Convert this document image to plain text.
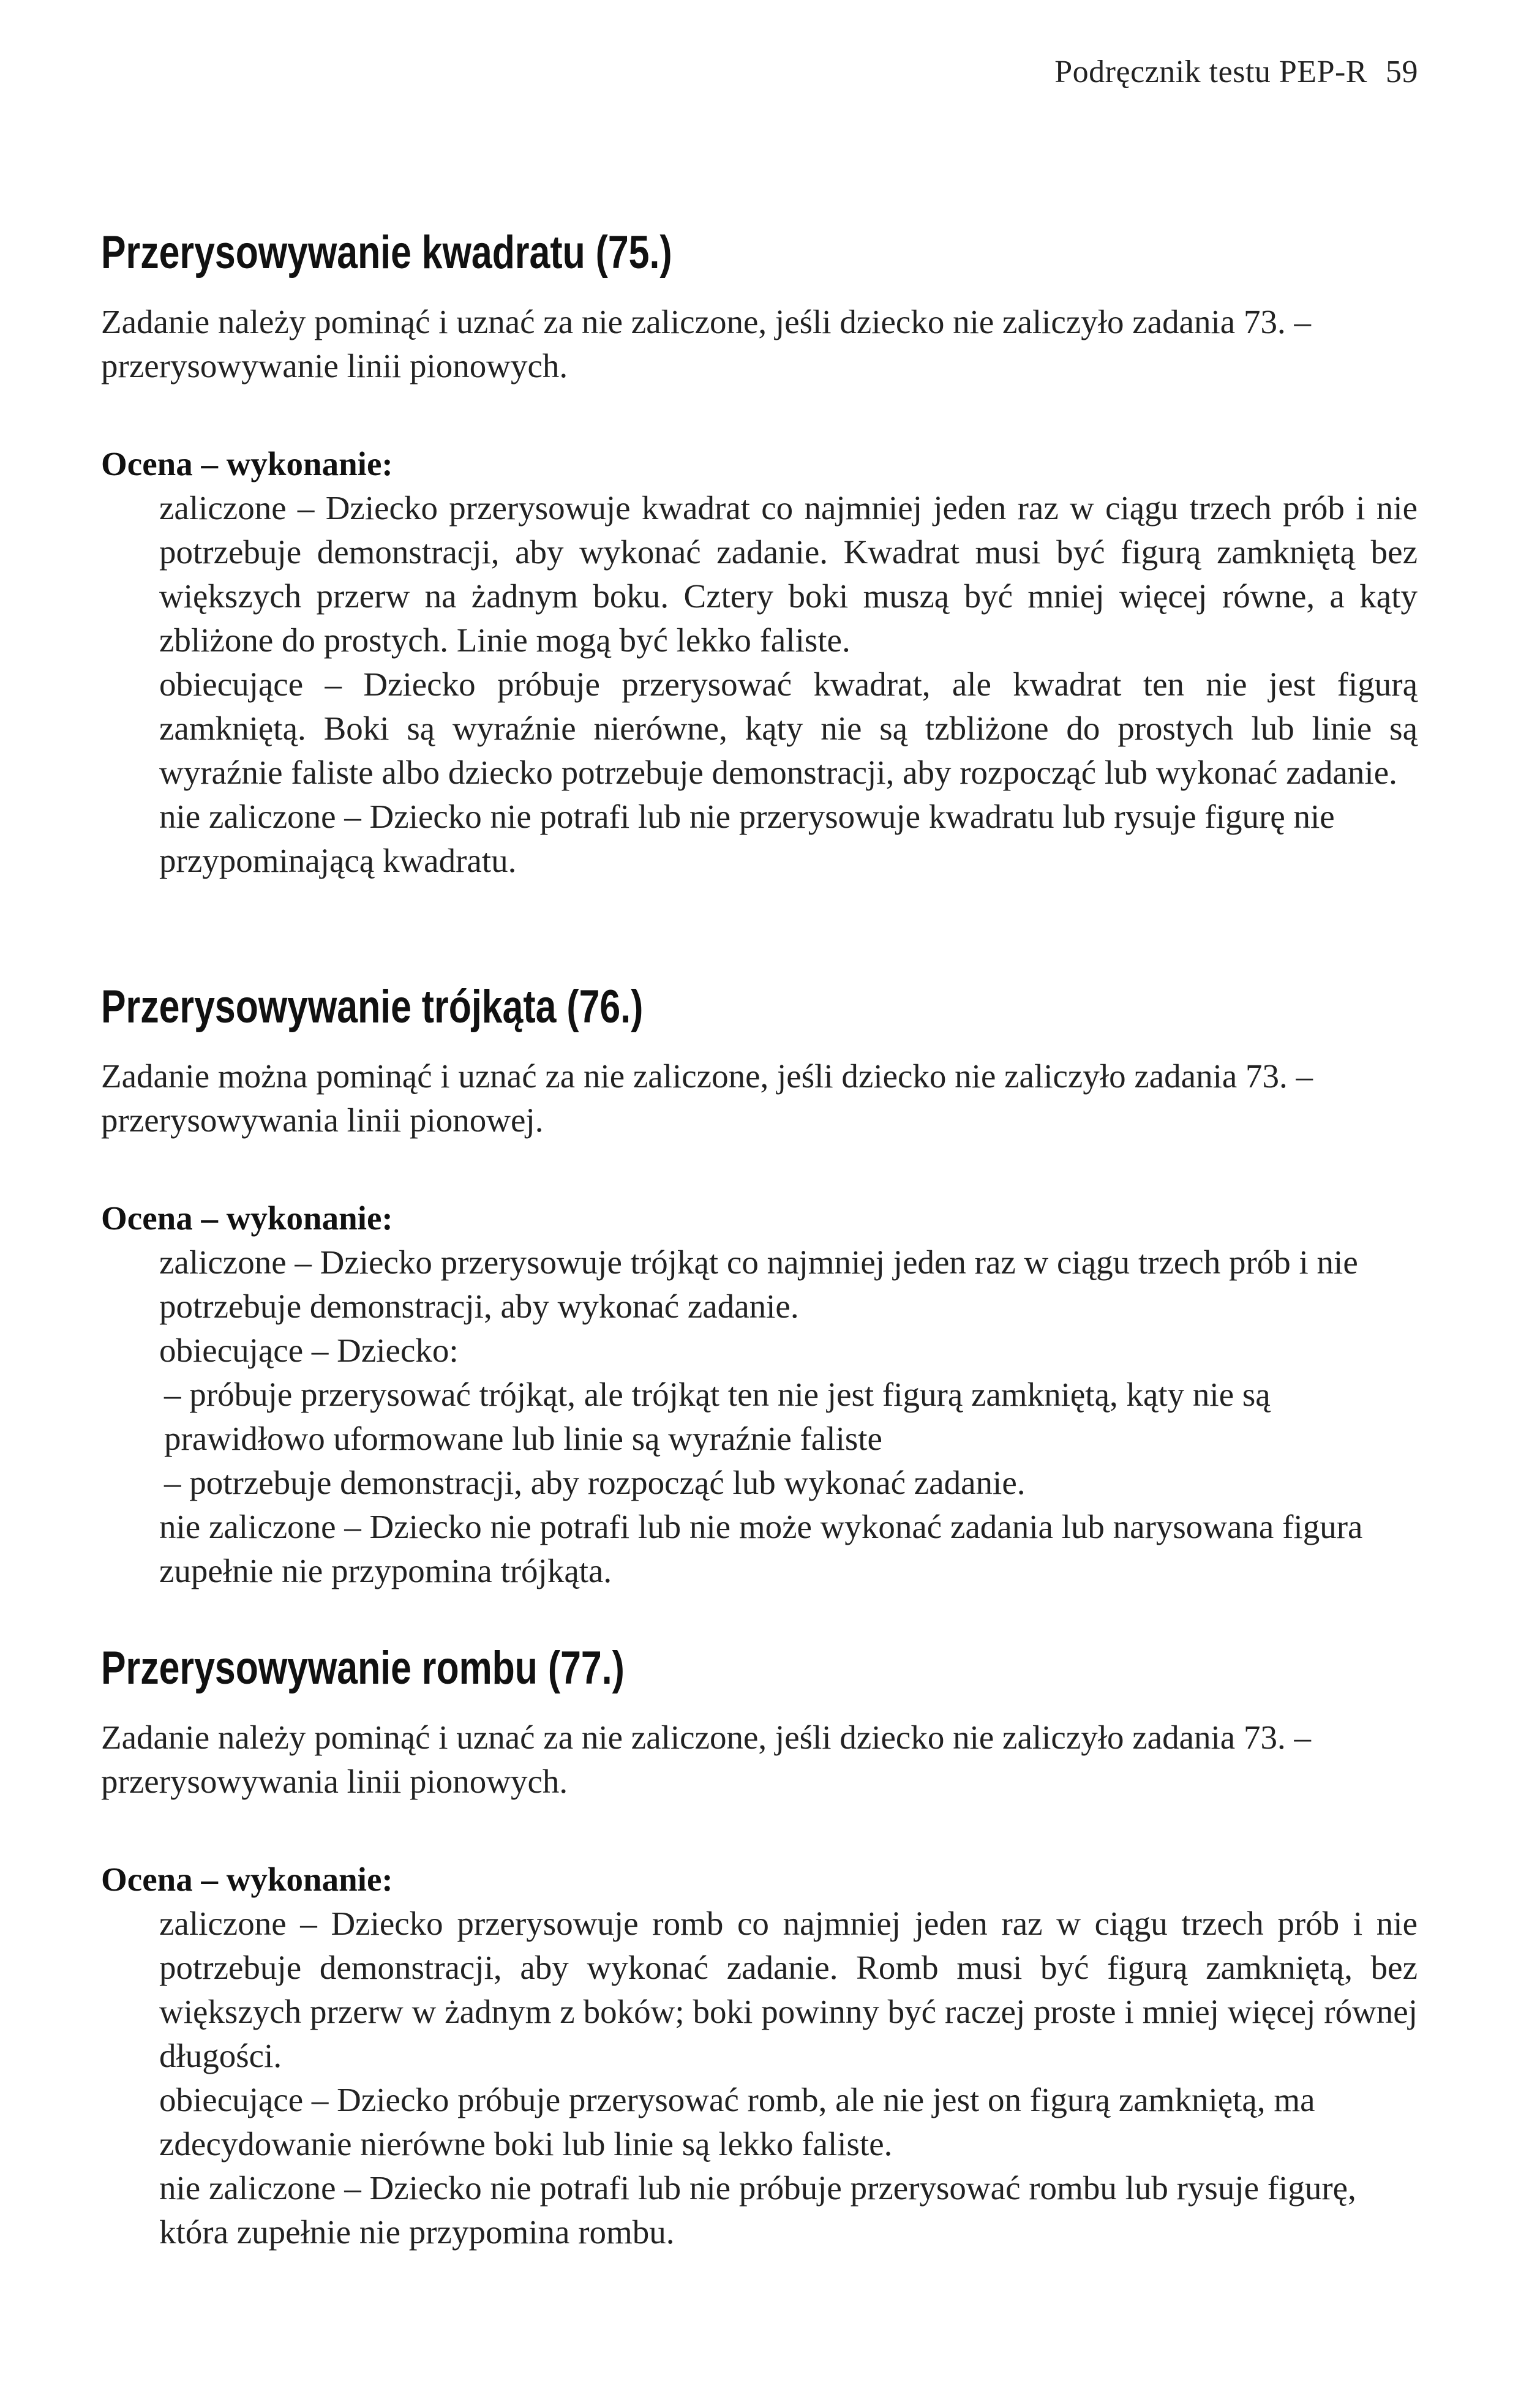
Podręcznik testu PEP-R 59
Przerysowywanie kwadratu (75.)

Zadanie należy pominąć i uznać za nie zaliczone, jeśli dziecko nie zaliczyło zadania 73. – przerysowywanie linii pionowych.

Ocena – wykonanie:

zaliczone – Dziecko przerysowuje kwadrat co najmniej jeden raz w ciągu trzech prób i nie potrzebuje demonstracji, aby wykonać zadanie. Kwadrat musi być figurą zamkniętą bez większych przerw na żadnym boku. Cztery boki muszą być mniej więcej równe, a kąty zbliżone do prostych. Linie mogą być lekko faliste.

obiecujące – Dziecko próbuje przerysować kwadrat, ale kwadrat ten nie jest figurą zamkniętą. Boki są wyraźnie nierówne, kąty nie są tzbliżone do prostych lub linie są wyraźnie faliste albo dziecko potrzebuje demonstracji, aby rozpocząć lub wykonać zadanie.

nie zaliczone – Dziecko nie potrafi lub nie przerysowuje kwadratu lub rysuje figurę nie przypominającą kwadratu.

Przerysowywanie trójkąta (76.)

Zadanie można pominąć i uznać za nie zaliczone, jeśli dziecko nie zaliczyło zadania 73. – przerysowywania linii pionowej.

Ocena – wykonanie:

zaliczone – Dziecko przerysowuje trójkąt co najmniej jeden raz w ciągu trzech prób i nie potrzebuje demonstracji, aby wykonać zadanie.

obiecujące – Dziecko:

– próbuje przerysować trójkąt, ale trójkąt ten nie jest figurą zamkniętą, kąty nie są prawidłowo uformowane lub linie są wyraźnie faliste

– potrzebuje demonstracji, aby rozpocząć lub wykonać zadanie.

nie zaliczone – Dziecko nie potrafi lub nie może wykonać zadania lub narysowana figura zupełnie nie przypomina trójkąta.

Przerysowywanie rombu (77.)

Zadanie należy pominąć i uznać za nie zaliczone, jeśli dziecko nie zaliczyło zadania 73. – przerysowywania linii pionowych.

Ocena – wykonanie:

zaliczone – Dziecko przerysowuje romb co najmniej jeden raz w ciągu trzech prób i nie potrzebuje demonstracji, aby wykonać zadanie. Romb musi być figurą zamkniętą, bez większych przerw w żadnym z boków; boki powinny być raczej proste i mniej więcej równej długości.

obiecujące – Dziecko próbuje przerysować romb, ale nie jest on figurą zamkniętą, ma zdecydowanie nierówne boki lub linie są lekko faliste.

nie zaliczone – Dziecko nie potrafi lub nie próbuje przerysować rombu lub rysuje figurę, która zupełnie nie przypomina rombu.
